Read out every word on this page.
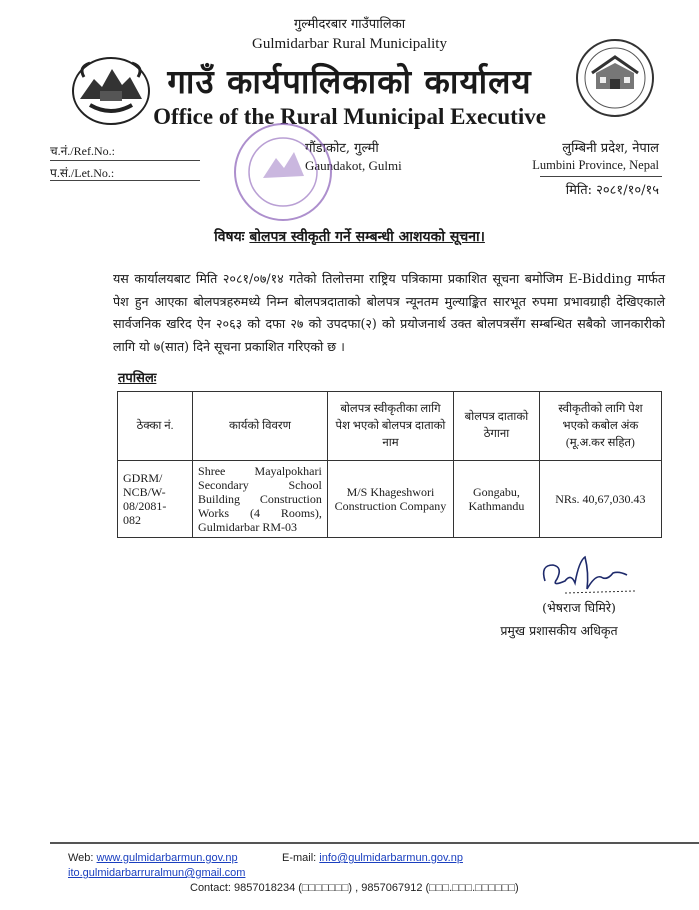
गुल्मीदरबार गाउँपालिका
Gulmidarbar Rural Municipality
गाउँ कार्यपालिकाको कार्यालय
Office of the Rural Municipal Executive
च.नं./Ref.No.:
प.सं./Let.No.:
गौंडाकोट, गुल्मी
Gaundakot, Gulmi
लुम्बिनी प्रदेश, नेपाल
Lumbini Province, Nepal
मिति: २०८१/१०/१५
विषयः बोलपत्र स्वीकृती गर्ने सम्बन्धी आशयको सूचना।
यस कार्यालयबाट मिति २०८१/०७/१४ गतेको तिलोत्तमा राष्ट्रिय पत्रिकामा प्रकाशित सूचना बमोजिम E-Bidding मार्फत पेश हुन आएका बोलपत्रहरुमध्ये निम्न बोलपत्रदाताको बोलपत्र न्यूनतम मुल्याङ्कित सारभूत रुपमा प्रभावग्राही देखिएकाले सार्वजनिक खरिद ऐन २०६३ को दफा २७ को उपदफा(२) को प्रयोजनार्थ उक्त बोलपत्रसँग सम्बन्धित सबैको जानकारीको लागि यो ७(सात) दिने सूचना प्रकाशित गरिएको छ ।
तपसिलः
ठेक्का नं.	कार्यको विवरण	बोलपत्र स्वीकृतीका लागि पेश भएको बोलपत्र दाताको नाम	बोलपत्र दाताको ठेगाना	स्वीकृतीको लागि पेश भएको कबोल अंक (मू.अ.कर सहित)
GDRM/ NCB/W- 08/2081- 082	Shree Mayalpokhari Secondary School Building Construction Works (4 Rooms), Gulmidarbar RM-03	M/S Khageshwori Construction Company	Gongabu, Kathmandu	NRs. 40,67,030.43
(भेषराज घिमिरे)
प्रमुख प्रशासकीय अधिकृत
Web: www.gulmidarbarmun.gov.np	E-mail: info@gulmidarbarmun.gov.np
ito.gulmidarbarruralmun@gmail.com
Contact: 9857018234 (□□□□□□□) , 9857067912 (□□□.□□□.□□□□□□)
